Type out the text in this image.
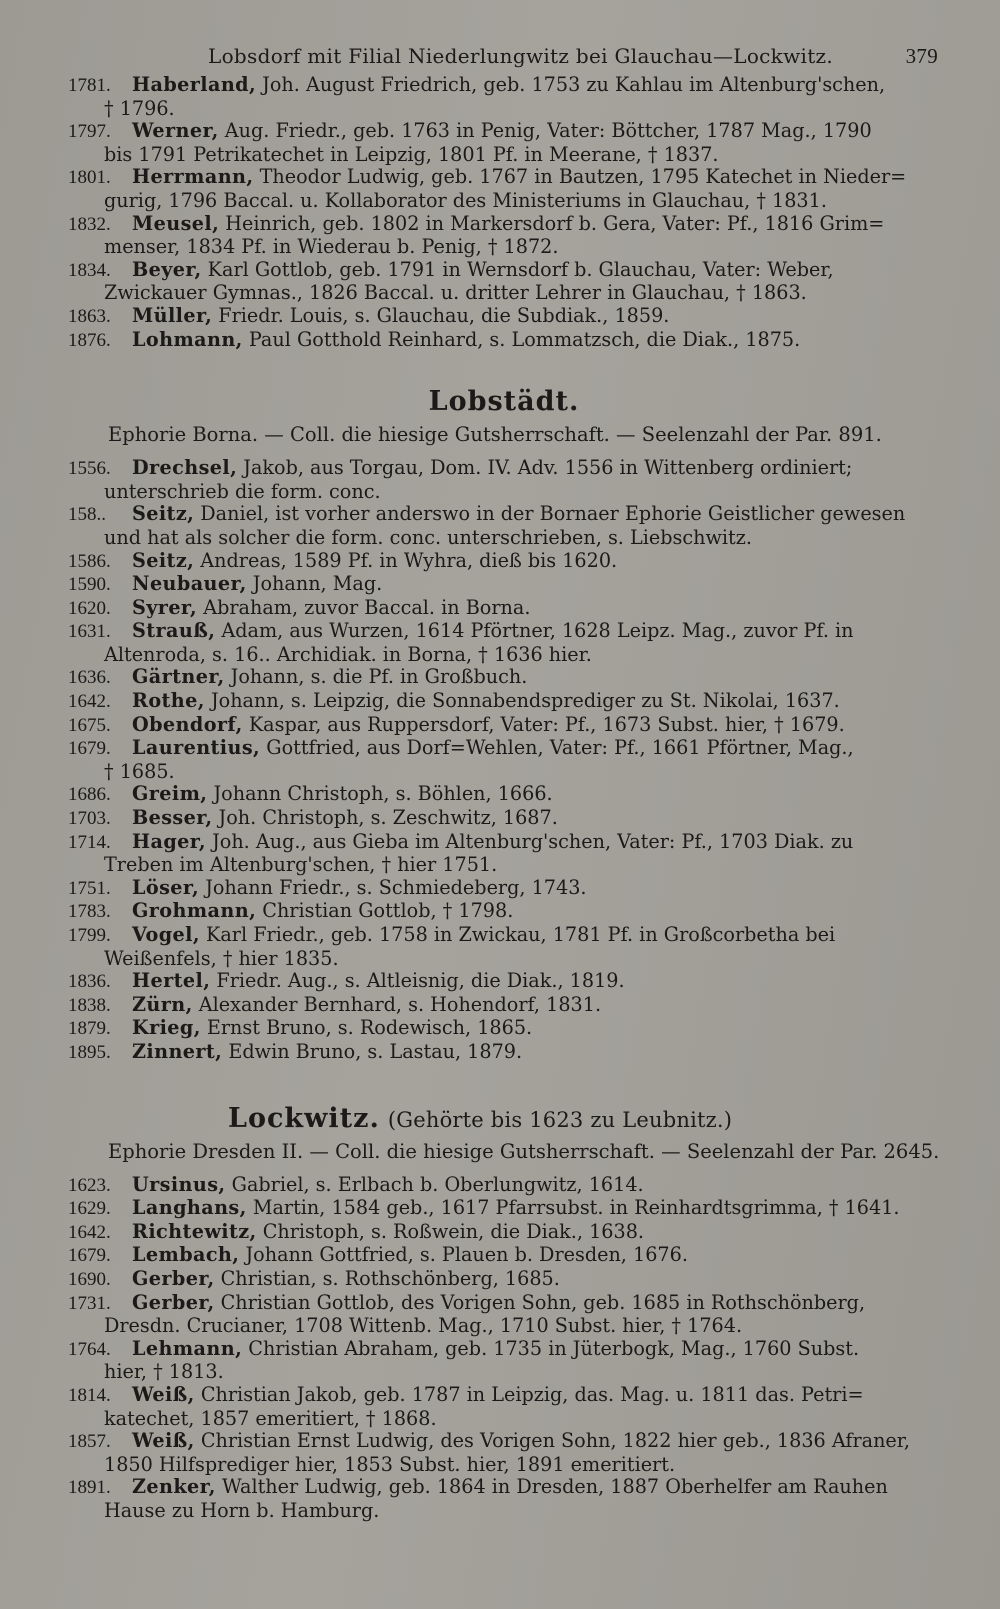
Lobsdorf mit Filial Niederlungwitz bei Glauchau—Lockwitz.	379
1781. Haberland, Joh. August Friedrich, geb. 1753 zu Kahlau im Altenburg'schen,
† 1796.
1797. Werner, Aug. Friedr., geb. 1763 in Penig, Vater: Böttcher, 1787 Mag., 1790
bis 1791 Petrikatechet in Leipzig, 1801 Pf. in Meerane, † 1837.
1801. Herrmann, Theodor Ludwig, geb. 1767 in Bautzen, 1795 Katechet in Nieder=
gurig, 1796 Baccal. u. Kollaborator des Ministeriums in Glauchau, † 1831.
1832. Meusel, Heinrich, geb. 1802 in Markersdorf b. Gera, Vater: Pf., 1816 Grim=
menser, 1834 Pf. in Wiederau b. Penig, † 1872.
1834. Beyer, Karl Gottlob, geb. 1791 in Wernsdorf b. Glauchau, Vater: Weber,
Zwickauer Gymnas., 1826 Baccal. u. dritter Lehrer in Glauchau, † 1863.
1863. Müller, Friedr. Louis, s. Glauchau, die Subdiak., 1859.
1876. Lohmann, Paul Gotthold Reinhard, s. Lommatzsch, die Diak., 1875.
Lobstädt.
Ephorie Borna. — Coll. die hiesige Gutsherrschaft. — Seelenzahl der Par. 891.
1556. Drechsel, Jakob, aus Torgau, Dom. IV. Adv. 1556 in Wittenberg ordiniert;
unterschrieb die form. conc.
158.. Seitz, Daniel, ist vorher anderswo in der Bornaer Ephorie Geistlicher gewesen
und hat als solcher die form. conc. unterschrieben, s. Liebschwitz.
1586. Seitz, Andreas, 1589 Pf. in Wyhra, dieß bis 1620.
1590. Neubauer, Johann, Mag.
1620. Syrer, Abraham, zuvor Baccal. in Borna.
1631. Strauß, Adam, aus Wurzen, 1614 Pförtner, 1628 Leipz. Mag., zuvor Pf. in
Altenroda, s. 16.. Archidiak. in Borna, † 1636 hier.
1636. Gärtner, Johann, s. die Pf. in Großbuch.
1642. Rothe, Johann, s. Leipzig, die Sonnabendsprediger zu St. Nikolai, 1637.
1675. Obendorf, Kaspar, aus Ruppersdorf, Vater: Pf., 1673 Subst. hier, † 1679.
1679. Laurentius, Gottfried, aus Dorf=Wehlen, Vater: Pf., 1661 Pförtner, Mag.,
† 1685.
1686. Greim, Johann Christoph, s. Böhlen, 1666.
1703. Besser, Joh. Christoph, s. Zeschwitz, 1687.
1714. Hager, Joh. Aug., aus Gieba im Altenburg'schen, Vater: Pf., 1703 Diak. zu
Treben im Altenburg'schen, † hier 1751.
1751. Löser, Johann Friedr., s. Schmiedeberg, 1743.
1783. Grohmann, Christian Gottlob, † 1798.
1799. Vogel, Karl Friedr., geb. 1758 in Zwickau, 1781 Pf. in Großcorbetha bei
Weißenfels, † hier 1835.
1836. Hertel, Friedr. Aug., s. Altleisnig, die Diak., 1819.
1838. Zürn, Alexander Bernhard, s. Hohendorf, 1831.
1879. Krieg, Ernst Bruno, s. Rodewisch, 1865.
1895. Zinnert, Edwin Bruno, s. Lastau, 1879.
Lockwitz. (Gehörte bis 1623 zu Leubnitz.)
Ephorie Dresden II. — Coll. die hiesige Gutsherrschaft. — Seelenzahl der Par. 2645.
1623. Ursinus, Gabriel, s. Erlbach b. Oberlungwitz, 1614.
1629. Langhans, Martin, 1584 geb., 1617 Pfarrsubst. in Reinhardtsgrimma, † 1641.
1642. Richtewitz, Christoph, s. Roßwein, die Diak., 1638.
1679. Lembach, Johann Gottfried, s. Plauen b. Dresden, 1676.
1690. Gerber, Christian, s. Rothschönberg, 1685.
1731. Gerber, Christian Gottlob, des Vorigen Sohn, geb. 1685 in Rothschönberg,
Dresdn. Crucianer, 1708 Wittenb. Mag., 1710 Subst. hier, † 1764.
1764. Lehmann, Christian Abraham, geb. 1735 in Jüterbogk, Mag., 1760 Subst.
hier, † 1813.
1814. Weiß, Christian Jakob, geb. 1787 in Leipzig, das. Mag. u. 1811 das. Petri=
katechet, 1857 emeritiert, † 1868.
1857. Weiß, Christian Ernst Ludwig, des Vorigen Sohn, 1822 hier geb., 1836 Afraner,
1850 Hilfsprediger hier, 1853 Subst. hier, 1891 emeritiert.
1891. Zenker, Walther Ludwig, geb. 1864 in Dresden, 1887 Oberhelfer am Rauhen
Hause zu Horn b. Hamburg.
